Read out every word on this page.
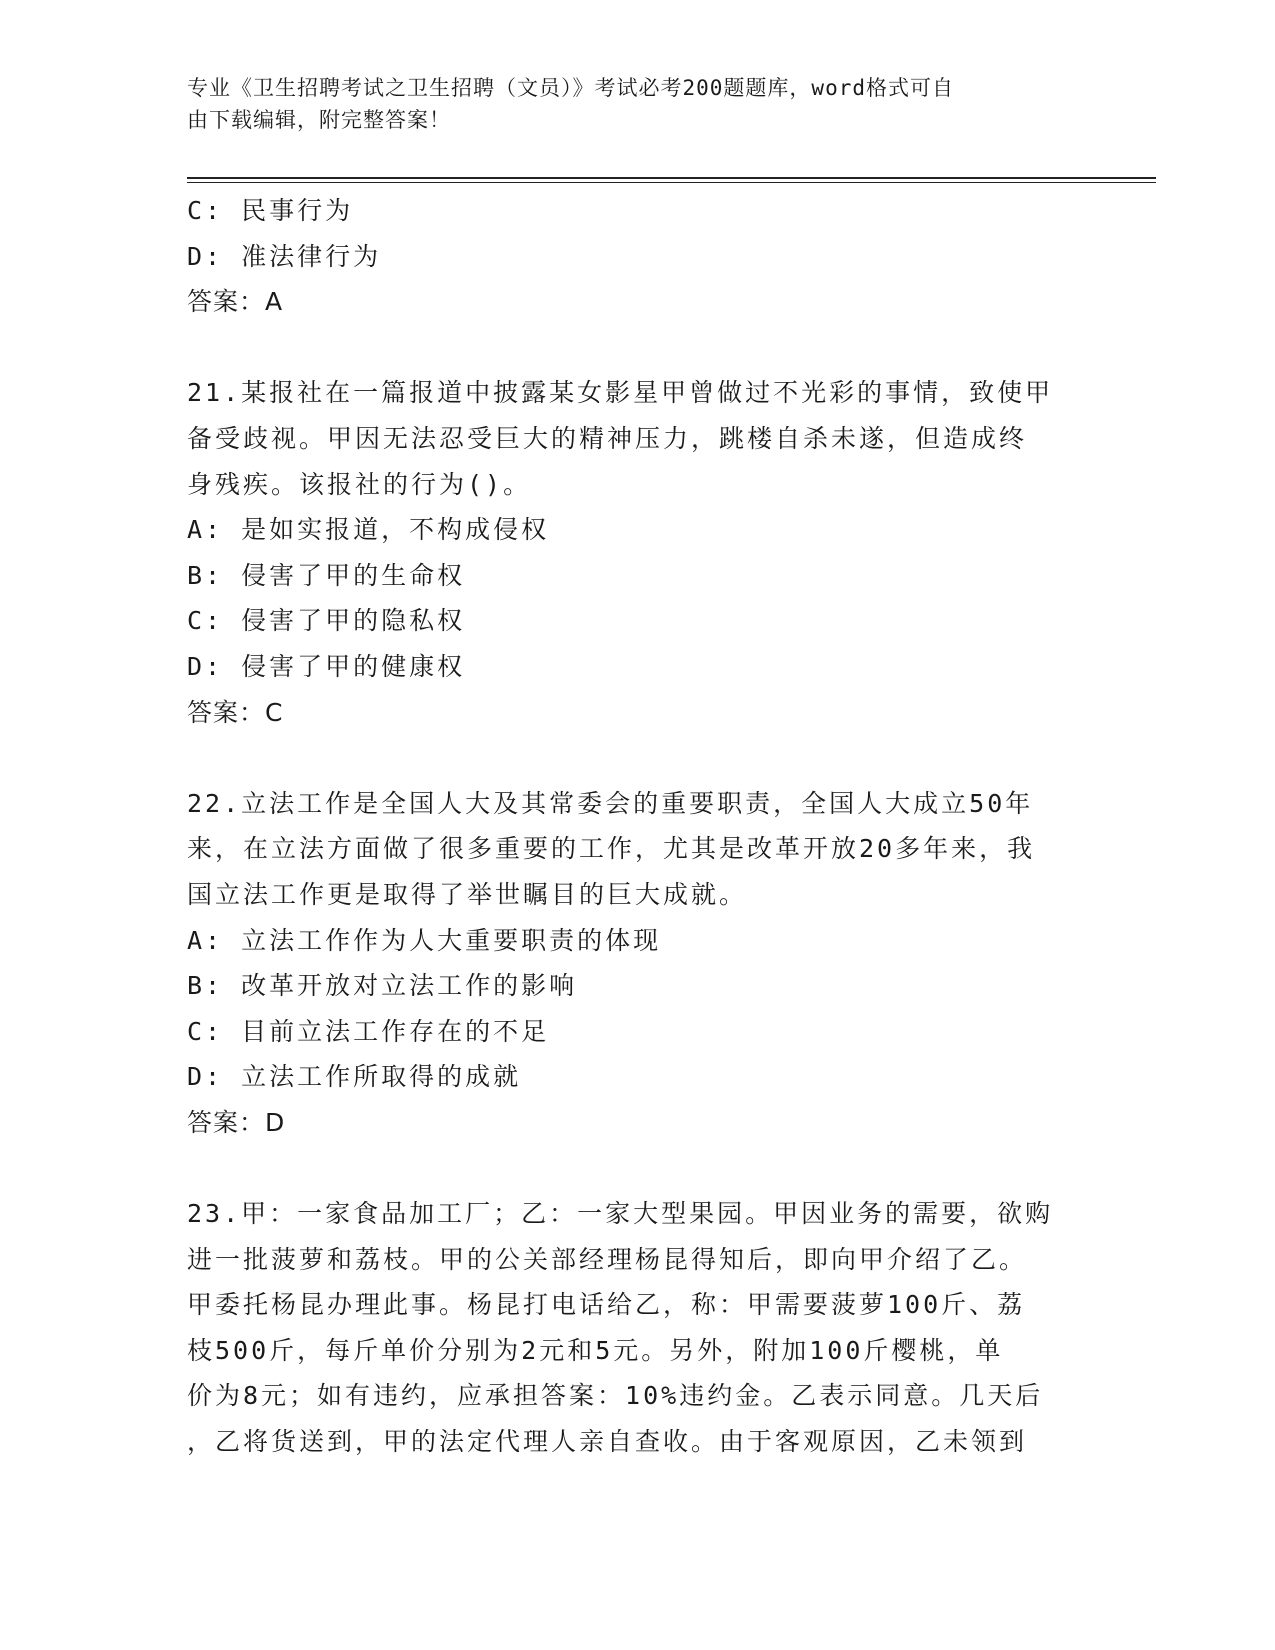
专业《卫生招聘考试之卫生招聘（文员）》考试必考200题题库，word格式可自
由下载编辑，附完整答案！
C: 民事行为
D: 准法律行为
答案：A
21.某报社在一篇报道中披露某女影星甲曾做过不光彩的事情，致使甲
备受歧视。甲因无法忍受巨大的精神压力，跳楼自杀未遂，但造成终
身残疾。该报社的行为()。
A: 是如实报道，不构成侵权
B: 侵害了甲的生命权
C: 侵害了甲的隐私权
D: 侵害了甲的健康权
答案：C
22.立法工作是全国人大及其常委会的重要职责，全国人大成立50年
来，在立法方面做了很多重要的工作，尤其是改革开放20多年来，我
国立法工作更是取得了举世瞩目的巨大成就。
A: 立法工作作为人大重要职责的体现
B: 改革开放对立法工作的影响
C: 目前立法工作存在的不足
D: 立法工作所取得的成就
答案：D
23.甲：一家食品加工厂；乙：一家大型果园。甲因业务的需要，欲购
进一批菠萝和荔枝。甲的公关部经理杨昆得知后，即向甲介绍了乙。
甲委托杨昆办理此事。杨昆打电话给乙，称：甲需要菠萝100斤、荔
枝500斤，每斤单价分别为2元和5元。另外，附加100斤樱桃，单
价为8元；如有违约，应承担答案：10%违约金。乙表示同意。几天后
，乙将货送到，甲的法定代理人亲自查收。由于客观原因，乙未领到
